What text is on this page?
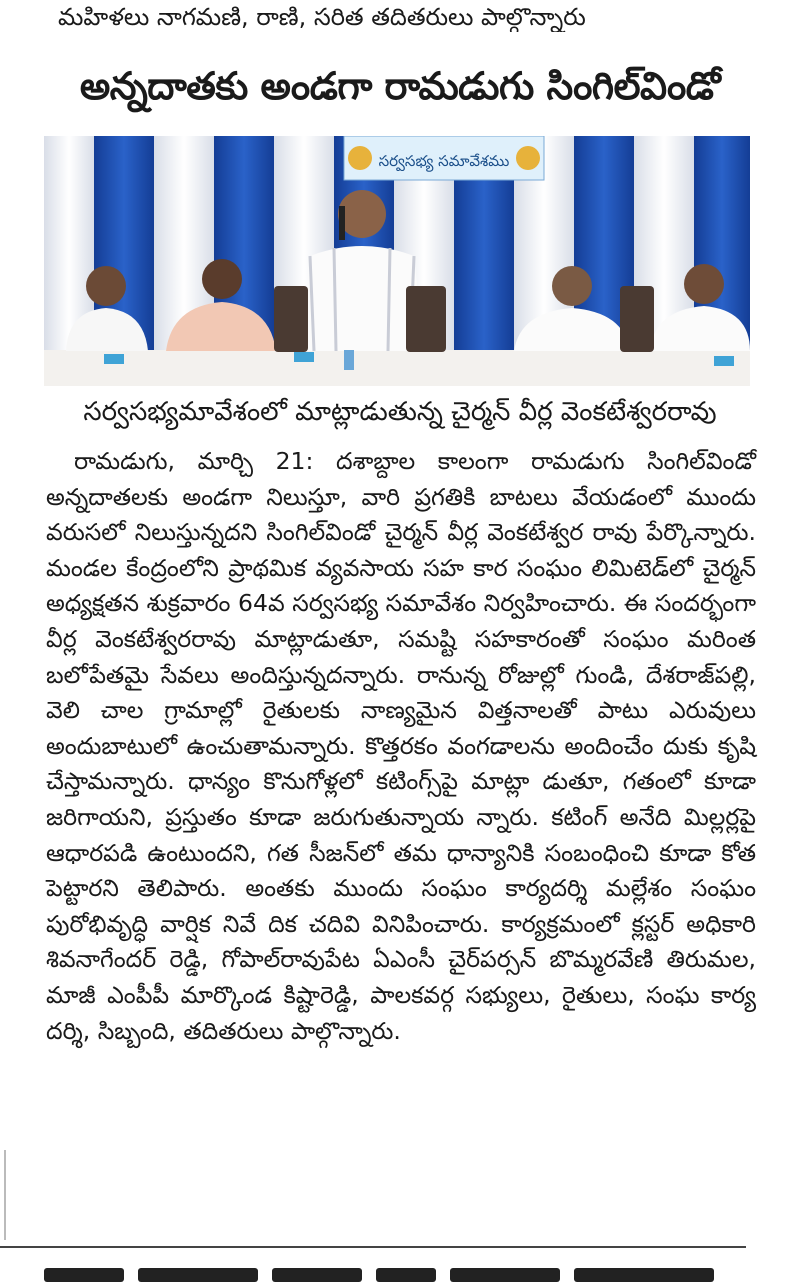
మహిళలు నాగమణి, రాణి, సరిత తదితరులు పాల్గొన్నారు
అన్నదాతకు అండగా రామడుగు సింగిల్‌విండో
సర్వసభ్య సమావేశము
సర్వసభ్యమావేశంలో మాట్లాడుతున్న చైర్మన్ వీర్ల వెంకటేశ్వరరావు

రామడుగు, మార్చి 21: దశాబ్దాల కాలంగా రామడుగు సింగిల్‌విండో అన్నదాతలకు అండగా నిలుస్తూ, వారి ప్రగతికి బాటలు వేయడంలో ముందు వరుసలో నిలుస్తున్నదని సింగిల్‌విండో చైర్మన్ వీర్ల వెంకటేశ్వర రావు పేర్కొన్నారు. మండల కేంద్రంలోని ప్రాథమిక వ్యవసాయ సహ కార సంఘం లిమిటెడ్‌లో చైర్మన్ అధ్యక్షతన శుక్రవారం 64వ సర్వసభ్య సమావేశం నిర్వహించారు. ఈ సందర్భంగా వీర్ల వెంకటేశ్వరరావు మాట్లాడుతూ, సమష్టి సహకారంతో సంఘం మరింత బలోపేతమై సేవలు అందిస్తున్నదన్నారు. రానున్న రోజుల్లో గుండి, దేశరాజ్‌పల్లి, వెలి చాల గ్రామాల్లో రైతులకు నాణ్యమైన విత్తనాలతో పాటు ఎరువులు అందుబాటులో ఉంచుతామన్నారు. కొత్తరకం వంగడాలను అందించేం దుకు కృషి చేస్తామన్నారు. ధాన్యం కొనుగోళ్లలో కటింగ్స్‌పై మాట్లా డుతూ, గతంలో కూడా జరిగాయని, ప్రస్తుతం కూడా జరుగుతున్నాయ న్నారు. కటింగ్ అనేది మిల్లర్లపై ఆధారపడి ఉంటుందని, గత సీజన్‌లో తమ ధాన్యానికి సంబంధించి కూడా కోత పెట్టారని తెలిపారు. అంతకు ముందు సంఘం కార్యదర్శి మల్లేశం సంఘం పురోభివృద్ధి వార్షిక నివే దిక చదివి వినిపించారు. కార్యక్రమంలో క్లస్టర్ అధికారి శివనాగేందర్ రెడ్డి, గోపాల్‌రావుపేట ఏఎంసీ చైర్‌పర్సన్ బొమ్మరవేణి తిరుమల, మాజీ ఎంపీపీ మార్కొండ కిష్టారెడ్డి, పాలకవర్గ సభ్యులు, రైతులు, సంఘ కార్య దర్శి, సిబ్బంది, తదితరులు పాల్గొన్నారు.
